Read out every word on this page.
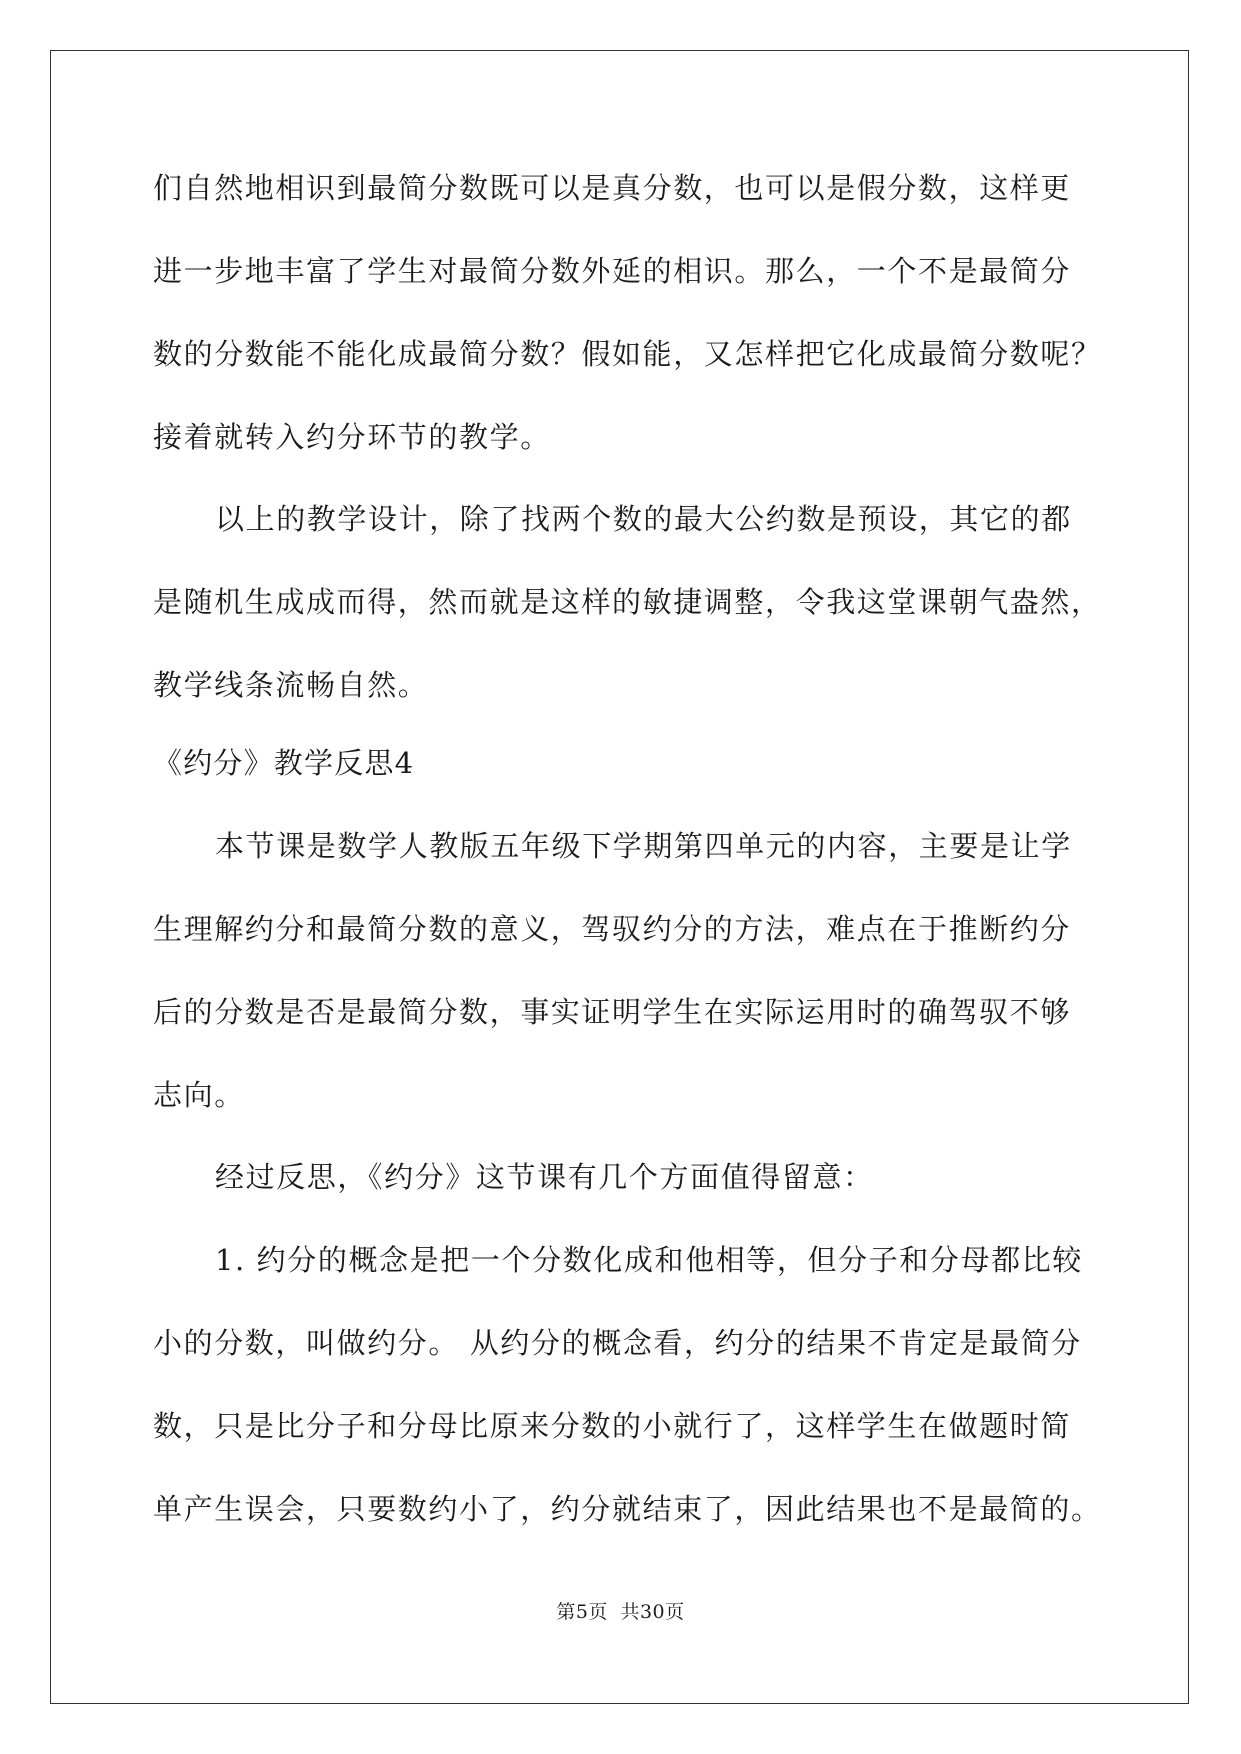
们自然地相识到最简分数既可以是真分数，也可以是假分数，这样更
进一步地丰富了学生对最简分数外延的相识。那么，一个不是最简分
数的分数能不能化成最简分数？假如能，又怎样把它化成最简分数呢？
接着就转入约分环节的教学。
以上的教学设计，除了找两个数的最大公约数是预设，其它的都
是随机生成成而得，然而就是这样的敏捷调整，令我这堂课朝气盎然，
教学线条流畅自然。
《约分》教学反思4
本节课是数学人教版五年级下学期第四单元的内容，主要是让学
生理解约分和最简分数的意义，驾驭约分的方法，难点在于推断约分
后的分数是否是最简分数，事实证明学生在实际运用时的确驾驭不够
志向。
经过反思，《约分》这节课有几个方面值得留意：
1. 约分的概念是把一个分数化成和他相等，但分子和分母都比较
小的分数，叫做约分。 从约分的概念看，约分的结果不肯定是最简分
数，只是比分子和分母比原来分数的小就行了，这样学生在做题时简
单产生误会，只要数约小了，约分就结束了，因此结果也不是最简的。
第5页 共30页
